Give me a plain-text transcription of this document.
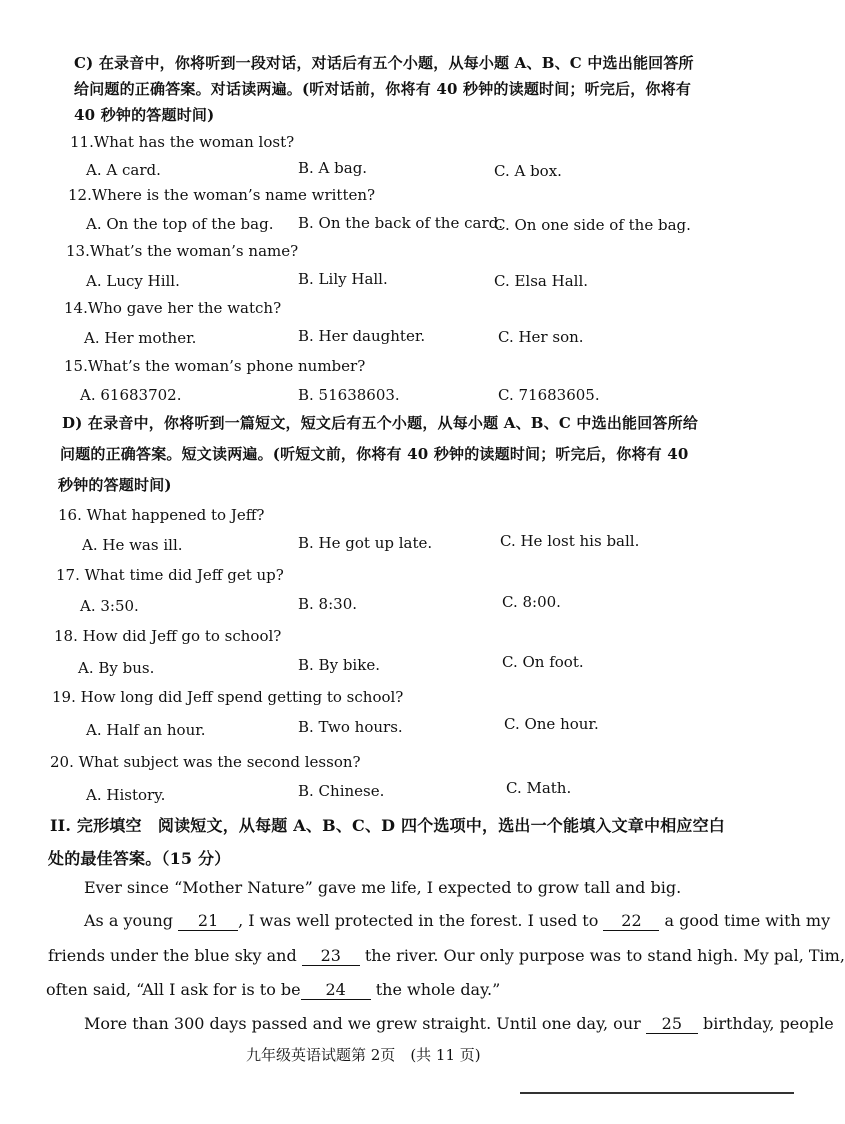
C) 在录音中，你将听到一段对话，对话后有五个小题，从每小题 A、B、C 中选出能回答所
给问题的正确答案。对话读两遍。(听对话前，你将有 40 秒钟的读题时间；听完后，你将有
40 秒钟的答题时间)
11.What has the woman lost?
A. A card.	B. A bag.	C. A box.
12.Where is the woman’s name written?
A. On the top of the bag. B. On the back of the card.
C. On one side of the bag.
13.What’s the woman’s name?
A. Lucy Hill.	B. Lily Hall.	C. Elsa Hall.
14.Who gave her the watch?
A. Her mother.	B. Her daughter.	C. Her son.
15.What’s the woman’s phone number?
A. 61683702.	B. 51638603.	C. 71683605.
D) 在录音中，你将听到一篇短文，短文后有五个小题，从每小题 A、B、C 中选出能回答所给
问题的正确答案。短文读两遍。(听短文前，你将有 40 秒钟的读题时间；听完后，你将有 40
秒钟的答题时间)
16. What happened to Jeff?
A. He was ill.	B. He got up late.	C. He lost his ball.
17. What time did Jeff get up?
A. 3:50.	B. 8:30.	C. 8:00.
18. How did Jeff go to school?
A. By bus.	B. By bike.	C. On foot.
19. How long did Jeff spend getting to school?
A. Half an hour.	B. Two hours.	C. One hour.
20. What subject was the second lesson?
A. History.	B. Chinese.	C. Math.
II. 完形填空　阅读短文，从每题 A、B、C、D 四个选项中，选出一个能填入文章中相应空白
处的最佳答案。（15 分）
Ever since “Mother Nature” gave me life, I expected to grow tall and big.
As a young 21 , I was well protected in the forest. I used to 22 a good time with my
friends under the blue sky and 23 the river. Our only purpose was to stand high. My pal, Tim,
often said, “All I ask for is to be 24 the whole day.”
More than 300 days passed and we grew straight. Until one day, our 25 birthday, people
九年级英语试题第 2页　(共 11 页)
